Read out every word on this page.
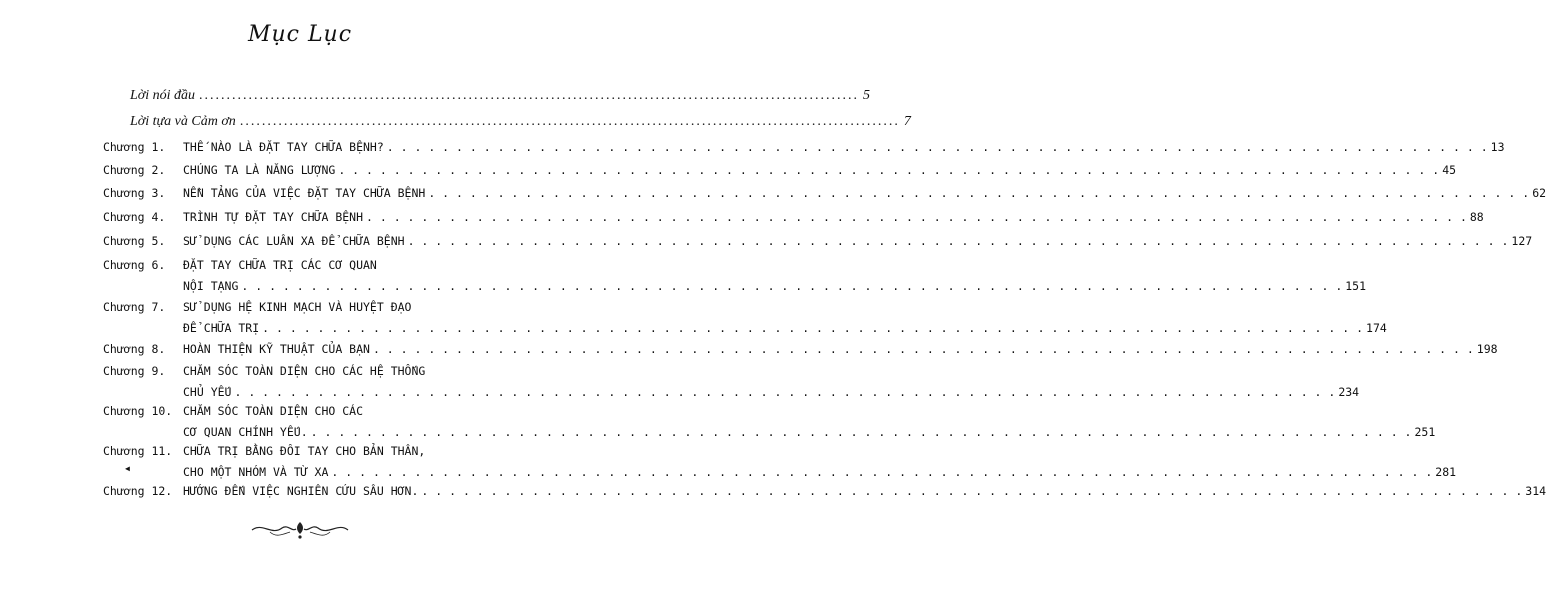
Mục Lục
Lời nói đầu ........................................................................................................................ 5
Lời tựa và Cảm ơn ........................................................................................................................ 7
Chương 1.	THẾ NÀO LÀ ĐẶT TAY CHỮA BỆNH? . . . . . . . . . . . . . . . . . . . . . . . . . . . . . . . . . . . . . . . . . . . . . . . . . . . . . . . . . . . . . . . . . . . . . . . . . . . . . . . . 13
Chương 2.	CHÚNG TA LÀ NĂNG LƯỢNG . . . . . . . . . . . . . . . . . . . . . . . . . . . . . . . . . . . . . . . . . . . . . . . . . . . . . . . . . . . . . . . . . . . . . . . . . . . . . . . . 45
Chương 3.	NỀN TẢNG CỦA VIỆC ĐẶT TAY CHỮA BỆNH . . . . . . . . . . . . . . . . . . . . . . . . . . . . . . . . . . . . . . . . . . . . . . . . . . . . . . . . . . . . . . . . . . . . . . . . . . . . . . . . 62
Chương 4.	TRÌNH TỰ ĐẶT TAY CHỮA BỆNH . . . . . . . . . . . . . . . . . . . . . . . . . . . . . . . . . . . . . . . . . . . . . . . . . . . . . . . . . . . . . . . . . . . . . . . . . . . . . . . . 88
Chương 5.	SỬ DỤNG CÁC LUÂN XA ĐỂ CHỮA BỆNH . . . . . . . . . . . . . . . . . . . . . . . . . . . . . . . . . . . . . . . . . . . . . . . . . . . . . . . . . . . . . . . . . . . . . . . . . . . . . . . . 127
Chương 6.	ĐẶT TAY CHỮA TRỊ CÁC CƠ QUAN
NỘI TẠNG . . . . . . . . . . . . . . . . . . . . . . . . . . . . . . . . . . . . . . . . . . . . . . . . . . . . . . . . . . . . . . . . . . . . . . . . . . . . . . . . 151
Chương 7.	SỬ DỤNG HỆ KINH MẠCH VÀ HUYỆT ĐẠO
ĐỂ CHỮA TRỊ . . . . . . . . . . . . . . . . . . . . . . . . . . . . . . . . . . . . . . . . . . . . . . . . . . . . . . . . . . . . . . . . . . . . . . . . . . . . . . . . 174
Chương 8.	HOÀN THIỆN KỸ THUẬT CỦA BẠN . . . . . . . . . . . . . . . . . . . . . . . . . . . . . . . . . . . . . . . . . . . . . . . . . . . . . . . . . . . . . . . . . . . . . . . . . . . . . . . . 198
Chương 9.	CHĂM SÓC TOÀN DIỆN CHO CÁC HỆ THỐNG
CHỦ YẾU . . . . . . . . . . . . . . . . . . . . . . . . . . . . . . . . . . . . . . . . . . . . . . . . . . . . . . . . . . . . . . . . . . . . . . . . . . . . . . . . 234
Chương 10. CHĂM SÓC TOÀN DIỆN CHO CÁC
CƠ QUAN CHÍNH YẾU. . . . . . . . . . . . . . . . . . . . . . . . . . . . . . . . . . . . . . . . . . . . . . . . . . . . . . . . . . . . . . . . . . . . . . . . . . . . . . . . . 251
Chương 11. CHỮA TRỊ BẰNG ĐÔI TAY CHO BẢN THÂN,
CHO MỘT NHÓM VÀ TỪ XA . . . . . . . . . . . . . . . . . . . . . . . . . . . . . . . . . . . . . . . . . . . . . . . . . . . . . . . . . . . . . . . . . . . . . . . . . . . . . . . . 281
Chương 12. HƯỚNG ĐẾN VIỆC NGHIÊN CỨU SÂU HƠN. . . . . . . . . . . . . . . . . . . . . . . . . . . . . . . . . . . . . . . . . . . . . . . . . . . . . . . . . . . . . . . . . . . . . . . . . . . . . . . . . 314
◀
